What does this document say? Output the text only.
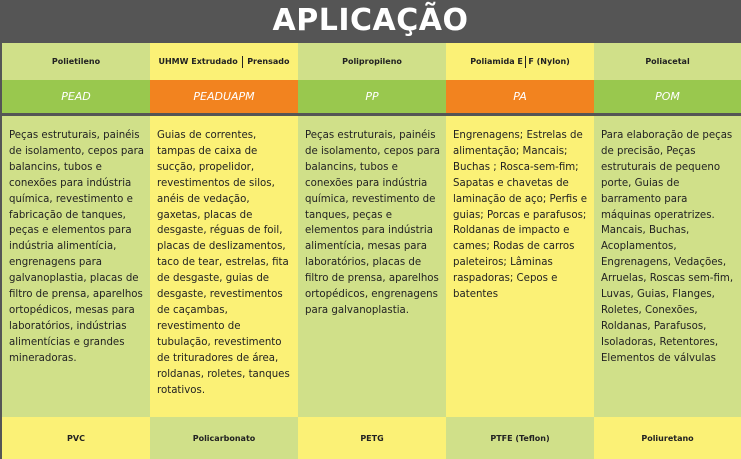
APLICAÇÃO
Polietileno
PEAD
Peças estruturais, painéis de isolamento, cepos para balancins, tubos e conexões para indústria química, revestimento e fabricação de tanques, peças e elementos para indústria alimentícia, engrenagens para galvanoplastia, placas de filtro de prensa, aparelhos ortopédicos, mesas para laboratórios, indústrias alimentícias e grandes mineradoras.
PVC
UHMW Extrudado Prensado
PEADUAPM
Guias de correntes, tampas de caixa de sucção, propelidor, revestimentos de silos, anéis de vedação, gaxetas, placas de desgaste, réguas de foil, placas de deslizamentos, taco de tear, estrelas, fita de desgaste, guias de desgaste, revestimentos de caçambas, revestimento de tubulação, revestimento de trituradores de área, roldanas, roletes, tanques rotativos.
Policarbonato
Polipropileno
PP
Peças estruturais, painéis de isolamento, cepos para balancins, tubos e conexões para indústria química, revestimento de tanques, peças e elementos para indústria alimentícia, mesas para laboratórios, placas de filtro de prensa, aparelhos ortopédicos, engrenagens para galvanoplastia.
PETG
Poliamida E F (Nylon)
PA
Engrenagens; Estrelas de alimentação; Mancais; Buchas ; Rosca-sem-fim; Sapatas e chavetas de laminação de aço; Perfis e guias; Porcas e parafusos; Roldanas de impacto e cames; Rodas de carros paleteiros; Lâminas raspadoras; Cepos e batentes
PTFE (Teflon)
Poliacetal
POM
Para elaboração de peças de precisão, Peças estruturais de pequeno porte, Guias de barramento para máquinas operatrizes. Mancais, Buchas, Acoplamentos, Engrenagens, Vedações, Arruelas, Roscas sem-fim, Luvas, Guias, Flanges, Roletes, Conexões, Roldanas, Parafusos, Isoladoras, Retentores, Elementos de válvulas
Poliuretano
